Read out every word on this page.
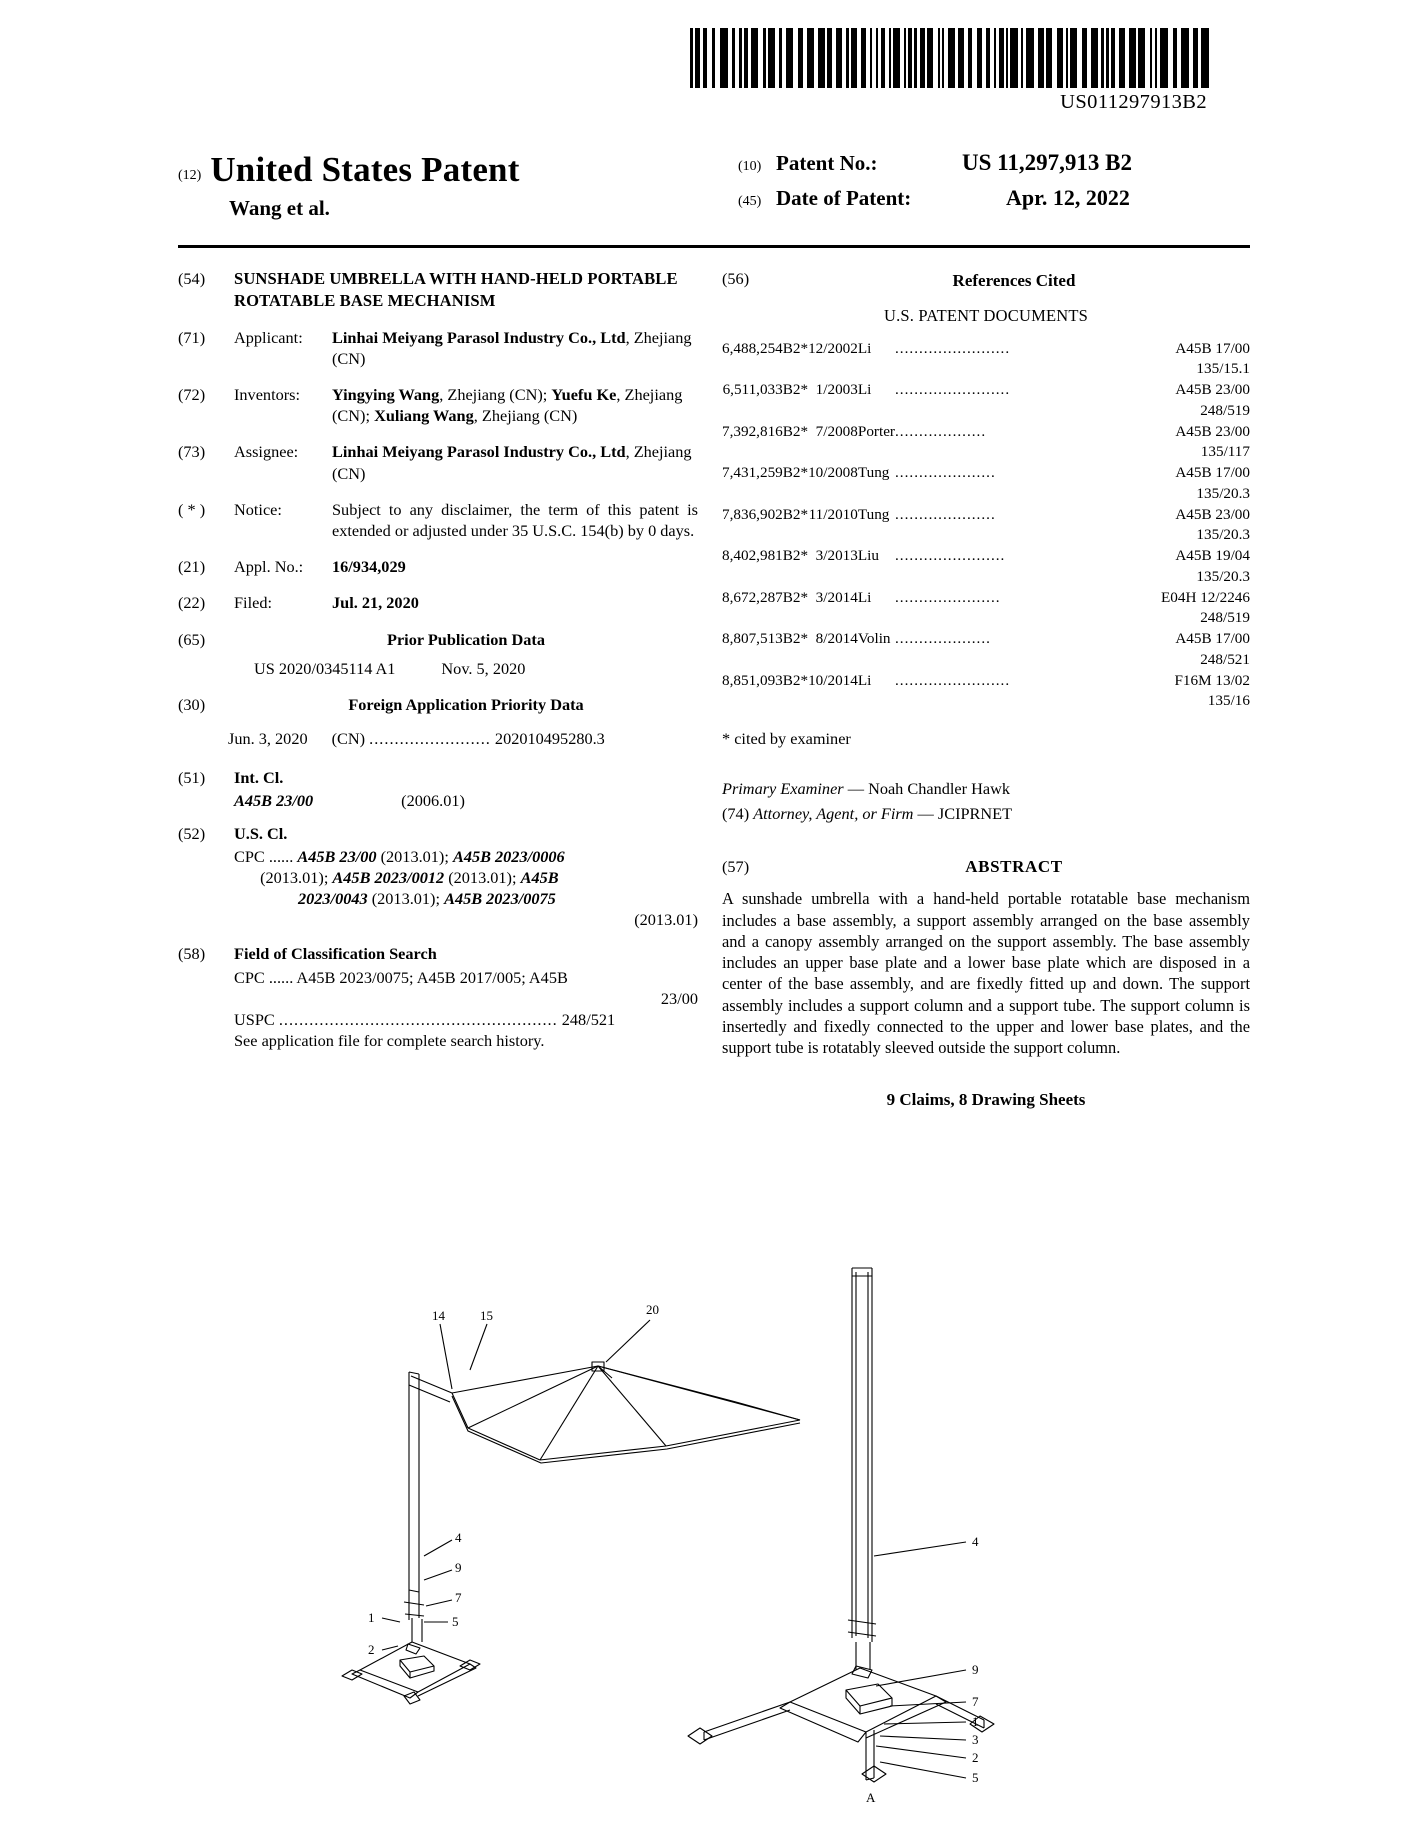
US011297913B2
(12) United States Patent
Wang et al.
(10) Patent No.:	US 11,297,913 B2
(45) Date of Patent:	Apr. 12, 2022
(54)	SUNSHADE UMBRELLA WITH HAND-HELD PORTABLE ROTATABLE BASE MECHANISM
(71)	Applicant:	Linhai Meiyang Parasol Industry Co., Ltd, Zhejiang (CN)
(72)	Inventors:	Yingying Wang, Zhejiang (CN); Yuefu Ke, Zhejiang (CN); Xuliang Wang, Zhejiang (CN)
(73)	Assignee:	Linhai Meiyang Parasol Industry Co., Ltd, Zhejiang (CN)
( * )	Notice:	Subject to any disclaimer, the term of this patent is extended or adjusted under 35 U.S.C. 154(b) by 0 days.
(21)	Appl. No.:	16/934,029
(22)	Filed:	Jul. 21, 2020
(65)	Prior Publication Data
US 2020/0345114 A1	Nov. 5, 2020
(30)	Foreign Application Priority Data
Jun. 3, 2020 (CN) ........................ 202010495280.3
(51)	Int. Cl.
A45B 23/00	(2006.01)
(52)	U.S. Cl.
CPC ...... A45B 23/00 (2013.01); A45B 2023/0006
(2013.01); A45B 2023/0012 (2013.01); A45B
2023/0043 (2013.01); A45B 2023/0075

(2013.01)
(58)	Field of Classification Search
CPC ...... A45B 2023/0075; A45B 2017/005; A45B
23/00
USPC ....................................................... 248/521
See application file for complete search history.
(56)	References Cited
U.S. PATENT DOCUMENTS
6,488,254	B2	*	12/2002	Li	........................	A45B 17/00
135/15.1						
6,511,033	B2	*	1/2003	Li	........................	A45B 23/00
248/519						
7,392,816	B2	*	7/2008	Porter	...................	A45B 23/00
135/117						
7,431,259	B2	*	10/2008	Tung	.....................	A45B 17/00
135/20.3						
7,836,902	B2	*	11/2010	Tung	.....................	A45B 23/00
135/20.3						
8,402,981	B2	*	3/2013	Liu	.......................	A45B 19/04
135/20.3						
8,672,287	B2	*	3/2014	Li	......................	E04H 12/2246
248/519						
8,807,513	B2	*	8/2014	Volin	....................	A45B 17/00
248/521						
8,851,093	B2	*	10/2014	Li	........................	F16M 13/02
135/16						
* cited by examiner
Primary Examiner — Noah Chandler Hawk
(74) Attorney, Agent, or Firm — JCIPRNET
(57)	ABSTRACT
A sunshade umbrella with a hand-held portable rotatable base mechanism includes a base assembly, a support assembly arranged on the base assembly and a canopy assembly arranged on the support assembly. The base assembly includes an upper base plate and a lower base plate which are disposed in a center of the base assembly, and are fixedly fitted up and down. The support assembly includes a support column and a support tube. The support column is insertedly and fixedly connected to the upper and lower base plates, and the support tube is rotatably sleeved outside the support column.
9 Claims, 8 Drawing Sheets
14	15	20
4
9
7
5
1
2
4
9
7
1
3
2
5
A
